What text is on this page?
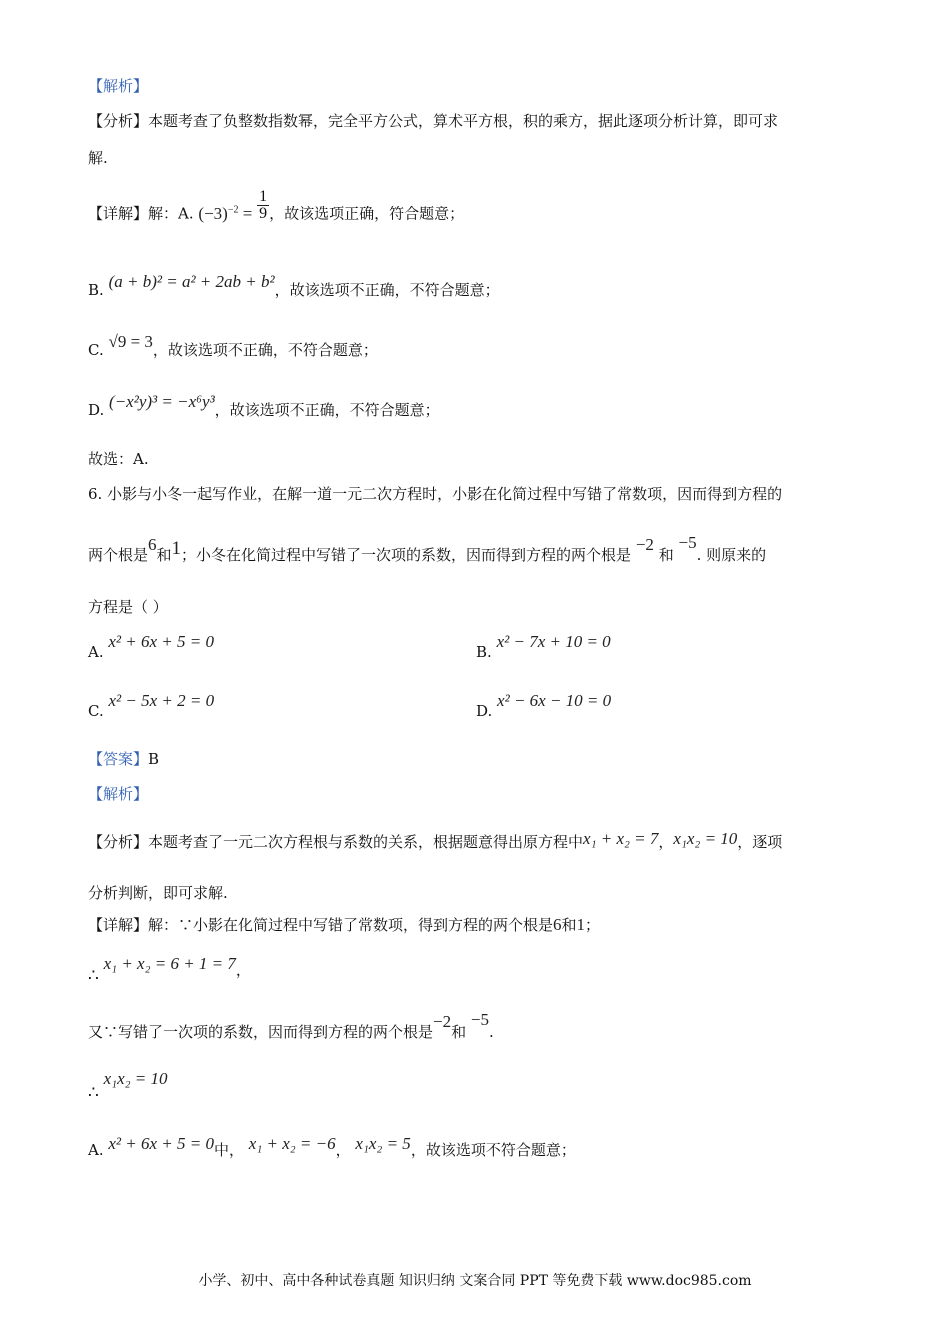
【解析】
【分析】本题考查了负整数指数幂，完全平方公式，算术平方根，积的乘方，据此逐项分析计算，即可求
解.
【详解】解：A. $(-3)^{-2} = \frac{1}{9}$ ，故该选项正确，符合题意；
B. (a + b)² = a² + 2ab + b²，故该选项不正确，不符合题意；
C. √9 = 3，故该选项不正确，不符合题意；
D. (−x²y)³ = −x⁶y³，故该选项不正确，不符合题意；
故选：A.
6. 小影与小冬一起写作业，在解一道一元二次方程时，小影在化简过程中写错了常数项，因而得到方程的
两个根是6和1；小冬在化简过程中写错了一次项的系数，因而得到方程的两个根是 −2 和 −5. 则原来的
方程是（ ）
A. x² + 6x + 5 = 0
B. x² − 7x + 10 = 0
C. x² − 5x + 2 = 0
D. x² − 6x − 10 = 0
【答案】B
【解析】
【分析】本题考查了一元二次方程根与系数的关系，根据题意得出原方程中x₁ + x₂ = 7，x₁x₂ = 10，逐项
分析判断，即可求解.
【详解】解：∵小影在化简过程中写错了常数项，得到方程的两个根是6和1；
∴ x₁ + x₂ = 6 + 1 = 7，
又∵写错了一次项的系数，因而得到方程的两个根是−2和 −5.
∴ x₁x₂ = 10
A. x² + 6x + 5 = 0中， x₁ + x₂ = −6， x₁x₂ = 5，故该选项不符合题意；
小学、初中、高中各种试卷真题 知识归纳 文案合同 PPT 等免费下载 www.doc985.com
